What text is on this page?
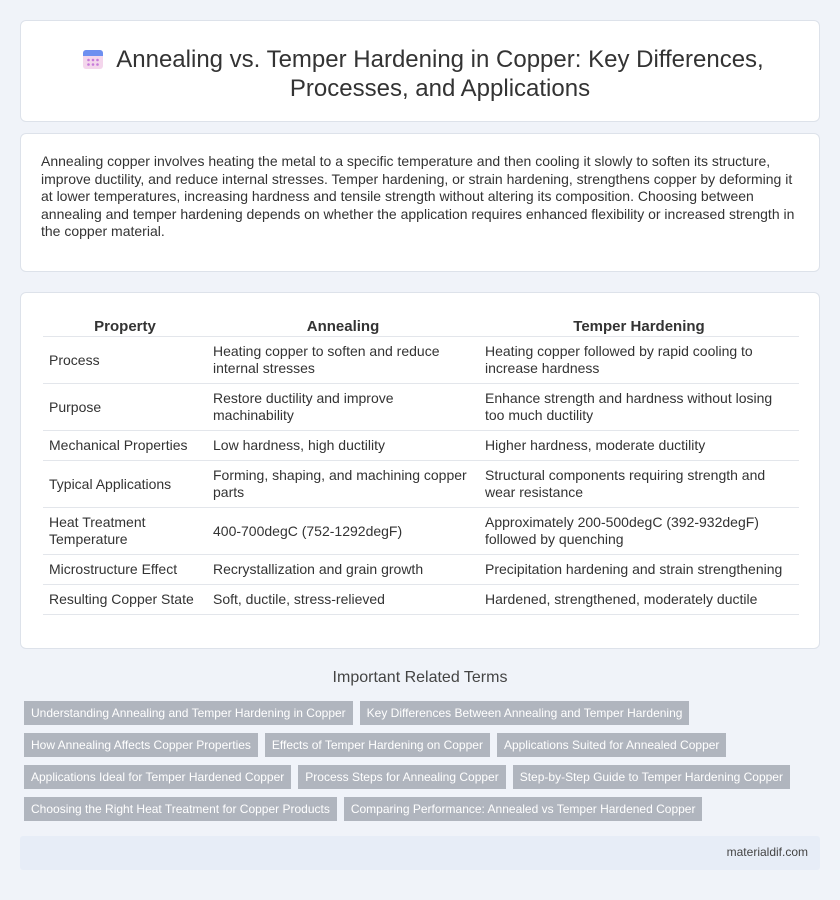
Annealing vs. Temper Hardening in Copper: Key Differences, Processes, and Applications

Annealing copper involves heating the metal to a specific temperature and then cooling it slowly to soften its structure, improve ductility, and reduce internal stresses. Temper hardening, or strain hardening, strengthens copper by deforming it at lower temperatures, increasing hardness and tensile strength without altering its composition. Choosing between annealing and temper hardening depends on whether the application requires enhanced flexibility or increased strength in the copper material.

Property	Annealing	Temper Hardening
Process	Heating copper to soften and reduce internal stresses	Heating copper followed by rapid cooling to increase hardness
Purpose	Restore ductility and improve machinability	Enhance strength and hardness without losing too much ductility
Mechanical Properties	Low hardness, high ductility	Higher hardness, moderate ductility
Typical Applications	Forming, shaping, and machining copper parts	Structural components requiring strength and wear resistance
Heat Treatment Temperature	400-700degC (752-1292degF)	Approximately 200-500degC (392-932degF) followed by quenching
Microstructure Effect	Recrystallization and grain growth	Precipitation hardening and strain strengthening
Resulting Copper State	Soft, ductile, stress-relieved	Hardened, strengthened, moderately ductile
Important Related Terms
Understanding Annealing and Temper Hardening in Copper	Key Differences Between Annealing and Temper Hardening
How Annealing Affects Copper Properties	Effects of Temper Hardening on Copper	Applications Suited for Annealed Copper
Applications Ideal for Temper Hardened Copper	Process Steps for Annealing Copper	Step-by-Step Guide to Temper Hardening Copper
Choosing the Right Heat Treatment for Copper Products	Comparing Performance: Annealed vs Temper Hardened Copper
materialdif.com
